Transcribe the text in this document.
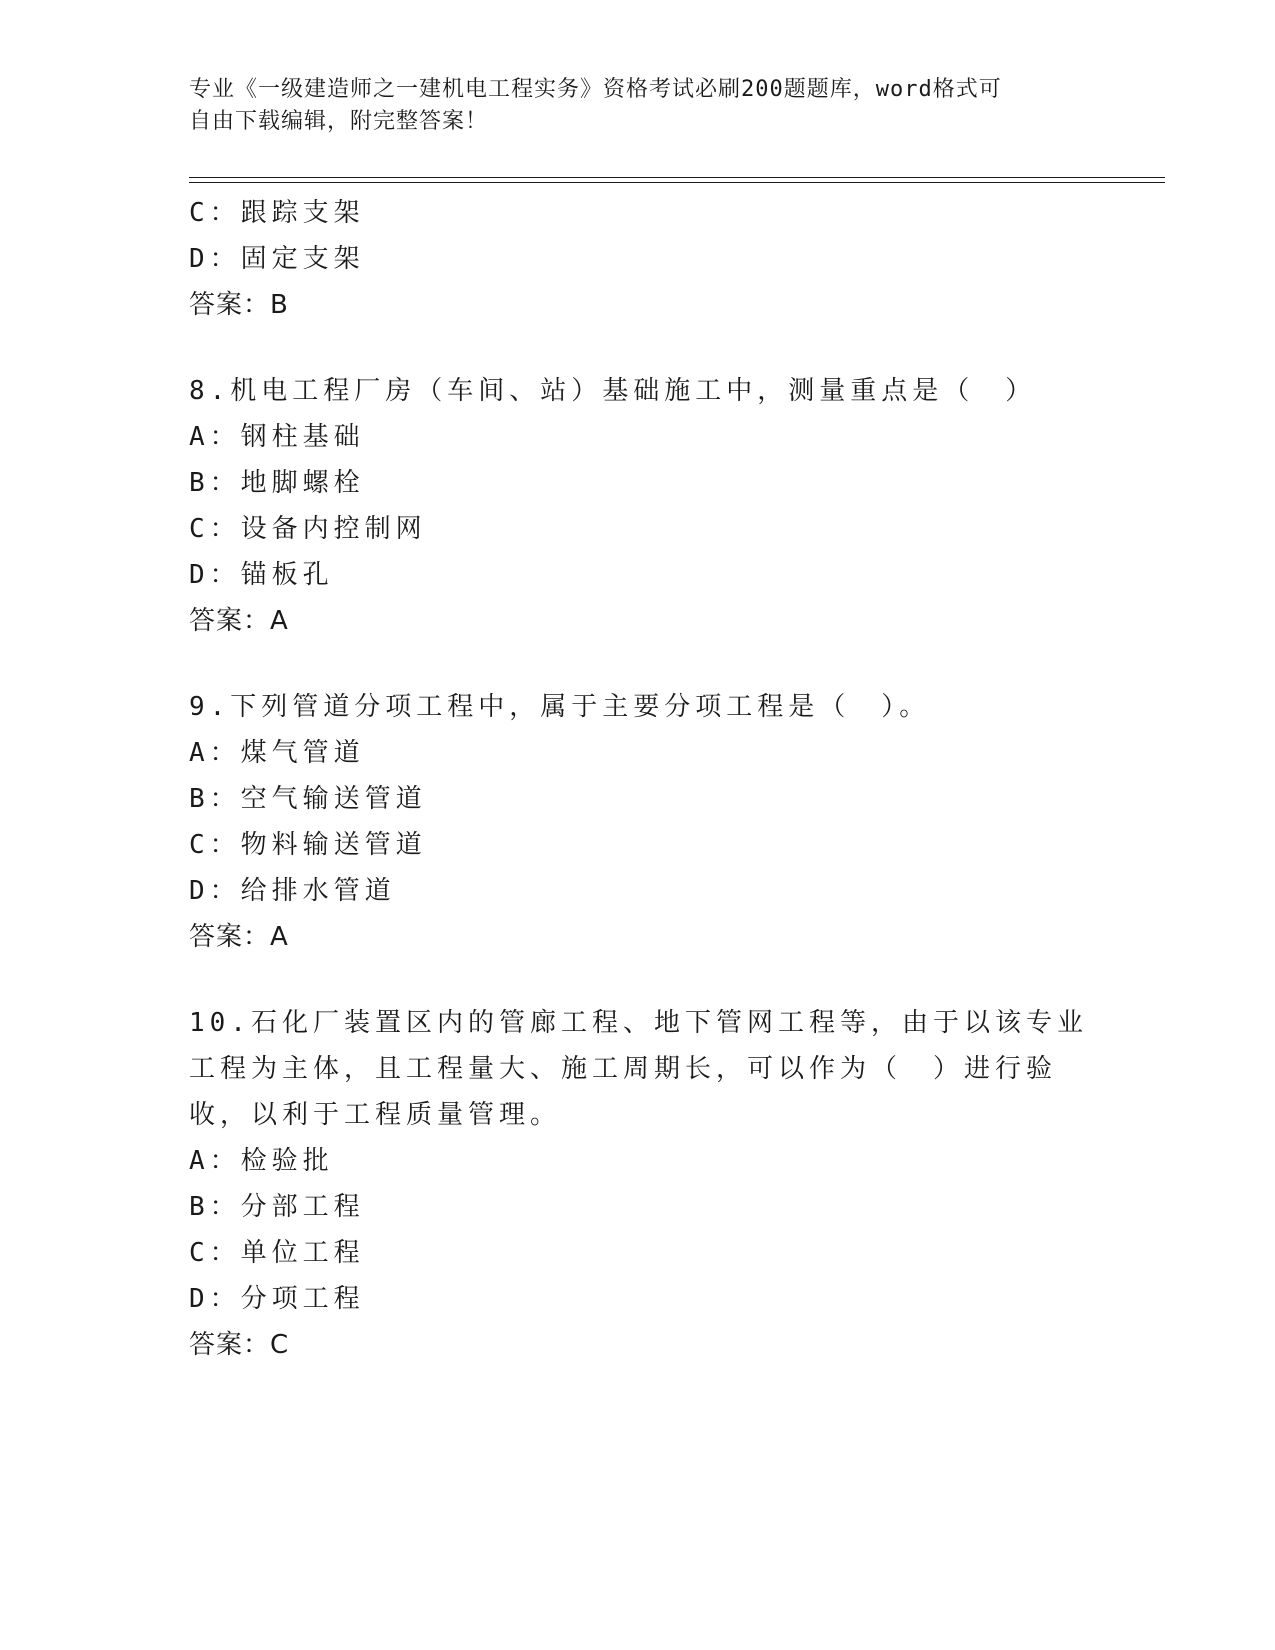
专业《一级建造师之一建机电工程实务》资格考试必刷200题题库，word格式可
自由下载编辑，附完整答案！
C：跟踪支架
D：固定支架
答案：B
8.机电工程厂房（车间、站）基础施工中，测量重点是（　）
A：钢柱基础
B：地脚螺栓
C：设备内控制网
D：锚板孔
答案：A
9.下列管道分项工程中，属于主要分项工程是（　）。
A：煤气管道
B：空气输送管道
C：物料输送管道
D：给排水管道
答案：A
10.石化厂装置区内的管廊工程、地下管网工程等，由于以该专业工程为主体，且工程量大、施工周期长，可以作为（　）进行验收，以利于工程质量管理。
A：检验批
B：分部工程
C：单位工程
D：分项工程
答案：C
